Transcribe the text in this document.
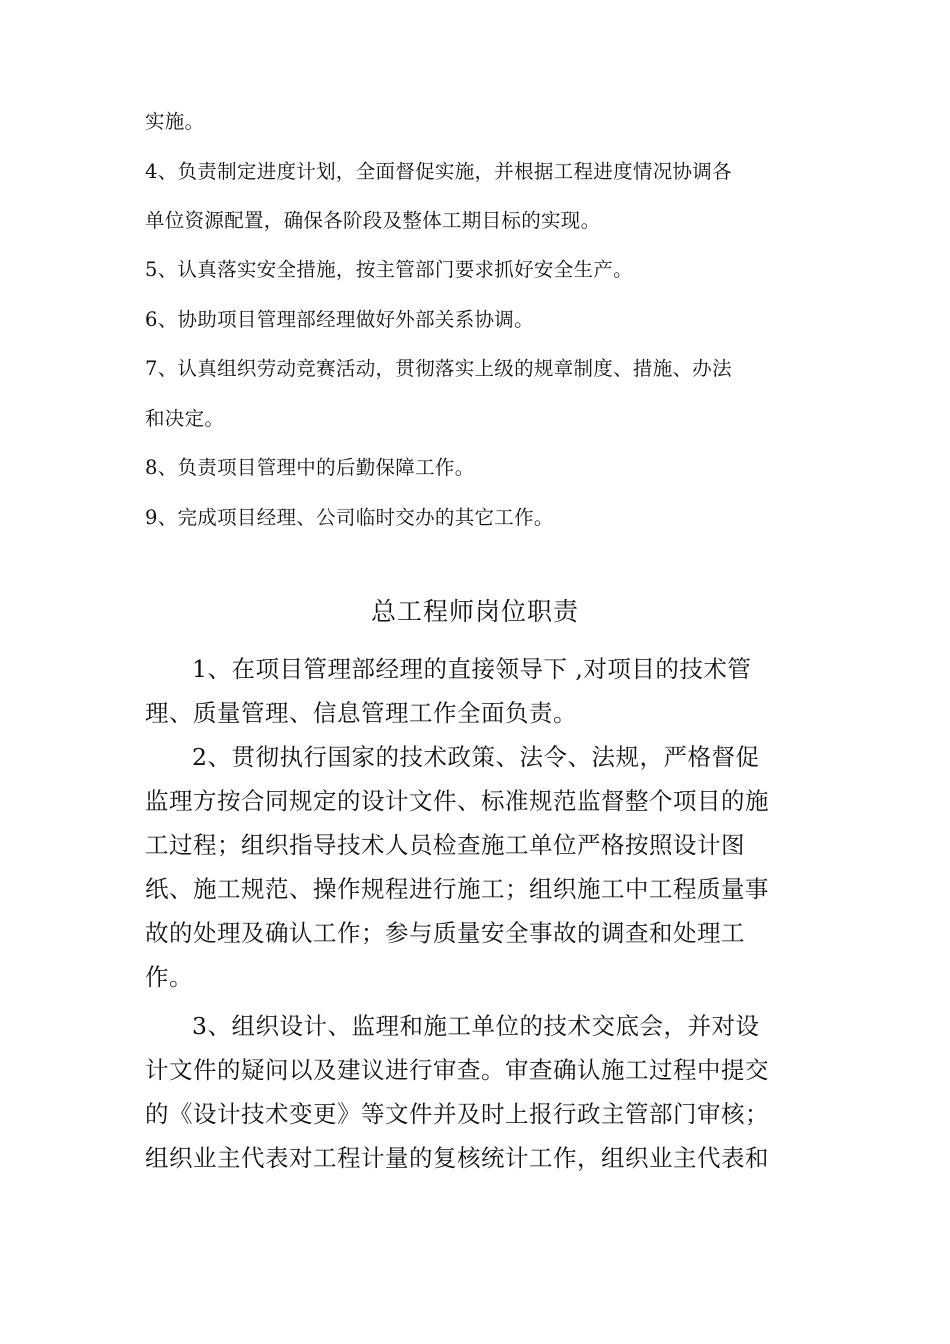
实施。
4、负责制定进度计划，全面督促实施，并根据工程进度情况协调各
单位资源配置，确保各阶段及整体工期目标的实现。
5、认真落实安全措施，按主管部门要求抓好安全生产。
6、协助项目管理部经理做好外部关系协调。
7、认真组织劳动竞赛活动，贯彻落实上级的规章制度、措施、办法
和决定。
8、负责项目管理中的后勤保障工作。
9、完成项目经理、公司临时交办的其它工作。
总工程师岗位职责
1、在项目管理部经理的直接领导下 ,对项目的技术管
理、质量管理、信息管理工作全面负责。
2、贯彻执行国家的技术政策、法令、法规，严格督促
监理方按合同规定的设计文件、标准规范监督整个项目的施
工过程；组织指导技术人员检查施工单位严格按照设计图
纸、施工规范、操作规程进行施工；组织施工中工程质量事
故的处理及确认工作；参与质量安全事故的调查和处理工
作。
3、组织设计、监理和施工单位的技术交底会，并对设
计文件的疑问以及建议进行审查。审查确认施工过程中提交
的《设计技术变更》等文件并及时上报行政主管部门审核；
组织业主代表对工程计量的复核统计工作，组织业主代表和
